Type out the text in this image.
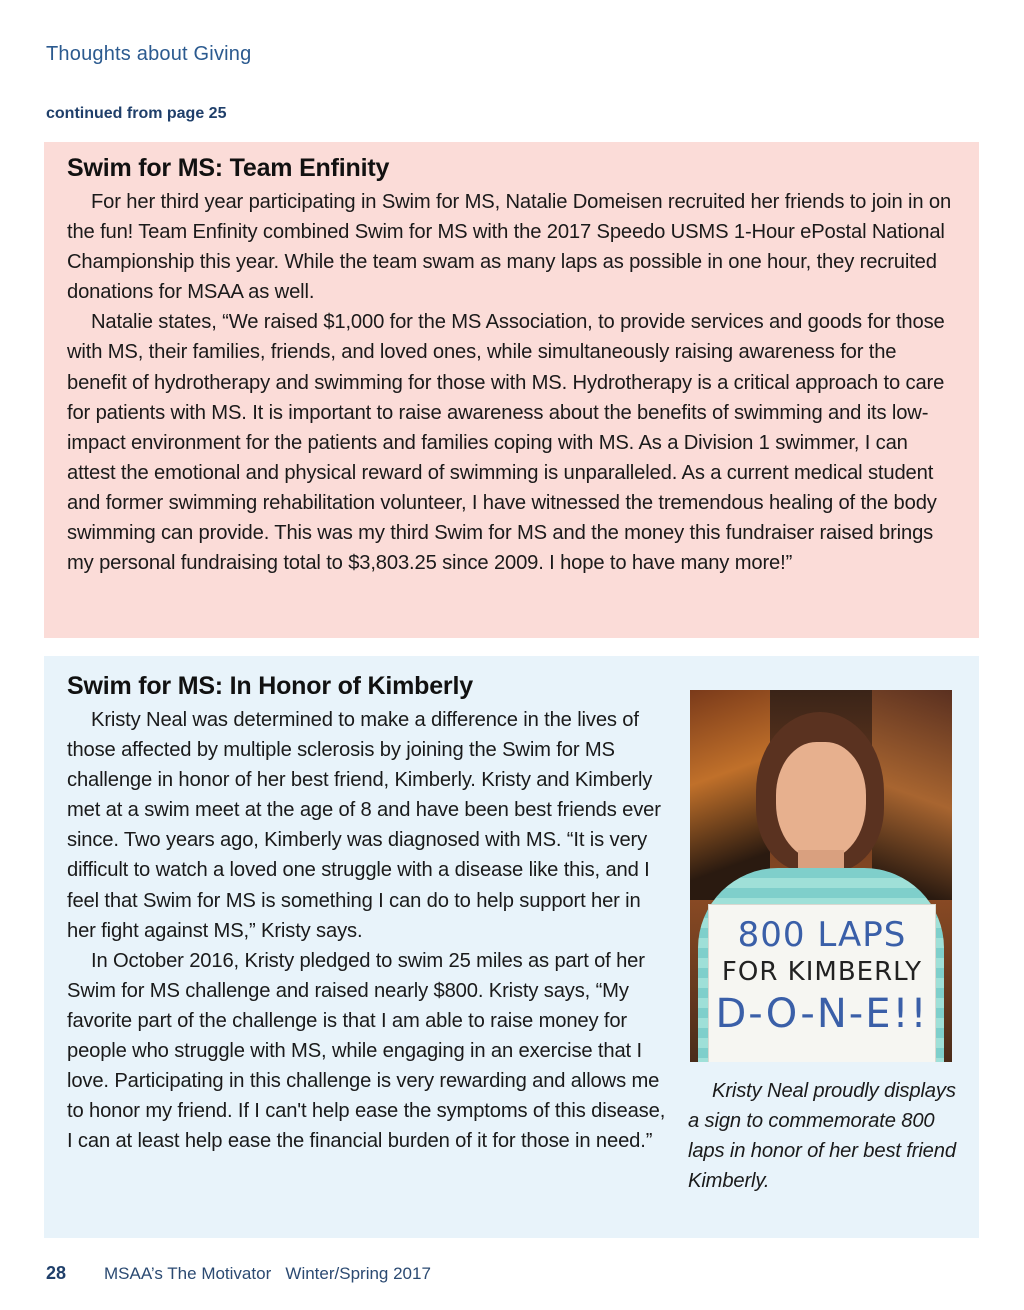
Thoughts about Giving

continued from page 25

Swim for MS: Team Enfinity

For her third year participating in Swim for MS, Natalie Domeisen recruited her friends to join in on the fun! Team Enfinity combined Swim for MS with the 2017 Speedo USMS 1-Hour ePostal National Championship this year. While the team swam as many laps as possible in one hour, they recruited donations for MSAA as well.

Natalie states, “We raised $1,000 for the MS Association, to provide services and goods for those with MS, their families, friends, and loved ones, while simultaneously raising awareness for the benefit of hydrotherapy and swimming for those with MS. Hydrotherapy is a critical approach to care for patients with MS. It is important to raise awareness about the benefits of swimming and its low-impact environment for the patients and families coping with MS. As a Division 1 swimmer, I can attest the emotional and physical reward of swimming is unparalleled. As a current medical student and former swimming rehabilitation volunteer, I have witnessed the tremendous healing of the body swimming can provide. This was my third Swim for MS and the money this fundraiser raised brings my personal fundraising total to $3,803.25 since 2009. I hope to have many more!”

Swim for MS: In Honor of Kimberly

Kristy Neal was determined to make a difference in the lives of those affected by multiple sclerosis by joining the Swim for MS challenge in honor of her best friend, Kimberly. Kristy and Kimberly met at a swim meet at the age of 8 and have been best friends ever since. Two years ago, Kimberly was diagnosed with MS. “It is very difficult to watch a loved one struggle with a disease like this, and I feel that Swim for MS is something I can do to help support her in her fight against MS,” Kristy says.

In October 2016, Kristy pledged to swim 25 miles as part of her Swim for MS challenge and raised nearly $800. Kristy says, “My favorite part of the challenge is that I am able to raise money for people who struggle with MS, while engaging in an exercise that I love. Participating in this challenge is very rewarding and allows me to honor my friend. If I can't help ease the symptoms of this disease, I can at least help ease the financial burden of it for those in need.”

800 LAPS
FOR KIMBERLY
D-O-N-E!!

Kristy Neal proudly displays a sign to commemorate 800 laps in honor of her best friend Kimberly.

28 MSAA’s The Motivator   Winter/Spring 2017
